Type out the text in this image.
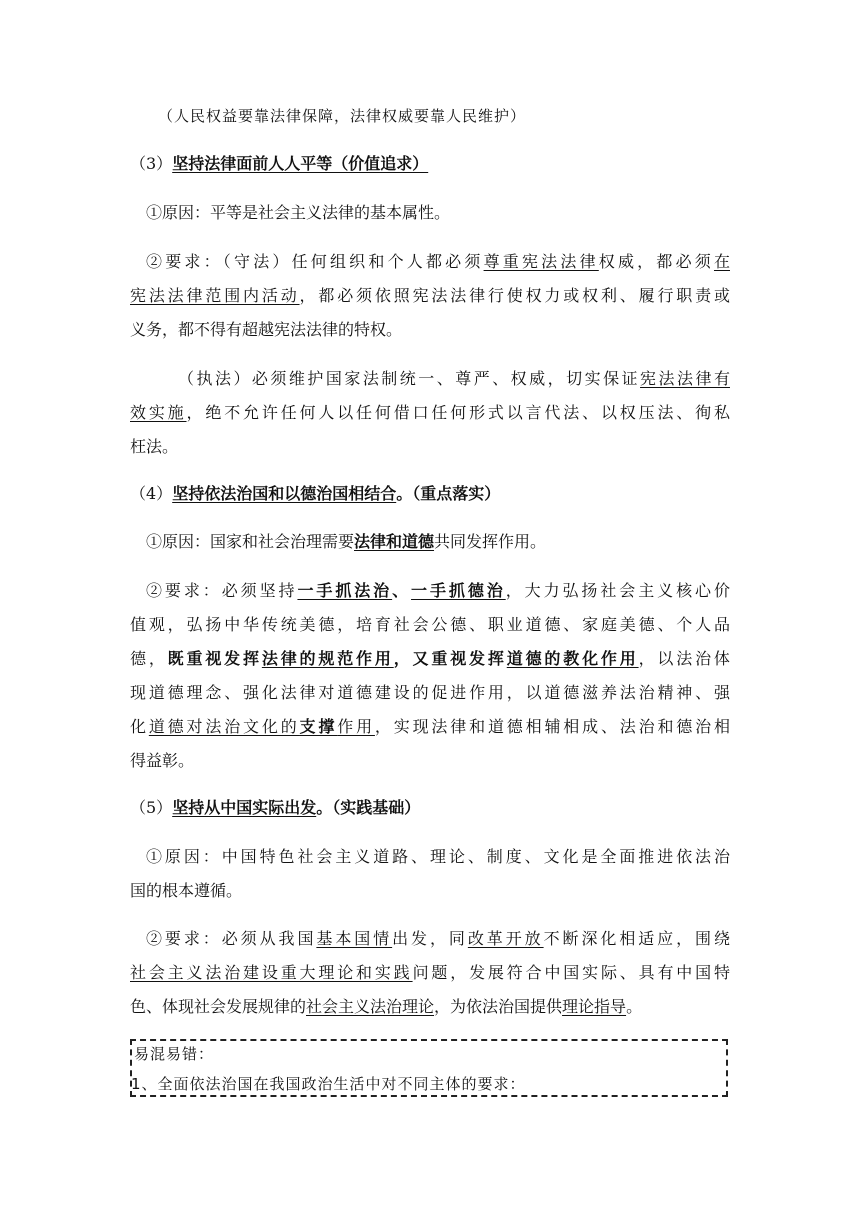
（人民权益要靠法律保障，法律权威要靠人民维护）
（3）坚持法律面前人人平等（价值追求）
①原因：平等是社会主义法律的基本属性。
②要求：（守法）任何组织和个人都必须尊重宪法法律权威，都必须在
宪法法律范围内活动，都必须依照宪法法律行使权力或权利、履行职责或
义务，都不得有超越宪法法律的特权。
（执法）必须维护国家法制统一、尊严、权威，切实保证宪法法律有
效实施，绝不允许任何人以任何借口任何形式以言代法、以权压法、徇私
枉法。
（4）坚持依法治国和以德治国相结合。（重点落实）
①原因：国家和社会治理需要法律和道德共同发挥作用。
②要求：必须坚持一手抓法治、一手抓德治，大力弘扬社会主义核心价
值观，弘扬中华传统美德，培育社会公德、职业道德、家庭美德、个人品
德，既重视发挥法律的规范作用，又重视发挥道德的教化作用，以法治体
现道德理念、强化法律对道德建设的促进作用，以道德滋养法治精神、强
化道德对法治文化的支撑作用，实现法律和道德相辅相成、法治和德治相
得益彰。
（5）坚持从中国实际出发。（实践基础）
①原因：中国特色社会主义道路、理论、制度、文化是全面推进依法治
国的根本遵循。
②要求：必须从我国基本国情出发，同改革开放不断深化相适应，围绕
社会主义法治建设重大理论和实践问题，发展符合中国实际、具有中国特
色、体现社会发展规律的社会主义法治理论，为依法治国提供理论指导。
易混易错：
1、全面依法治国在我国政治生活中对不同主体的要求：
